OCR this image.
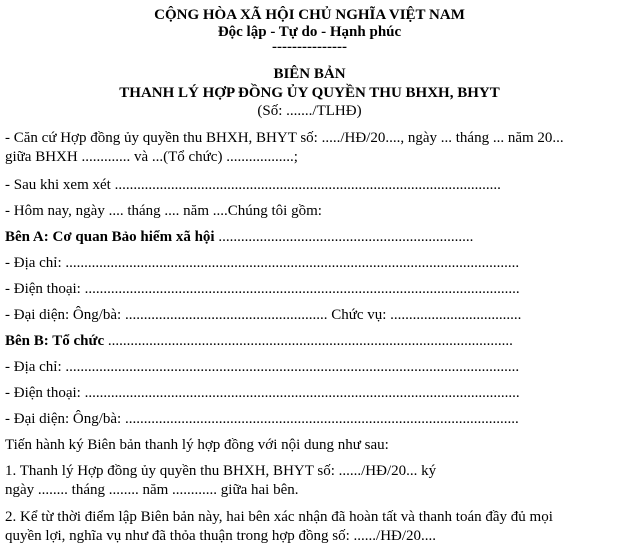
CỘNG HÒA XÃ HỘI CHỦ NGHĨA VIỆT NAM
Độc lập - Tự do - Hạnh phúc
---------------
BIÊN BẢN
THANH LÝ HỢP ĐỒNG ỦY QUYỀN THU BHXH, BHYT
(Số: ......./TLHĐ)
- Căn cứ Hợp đồng ủy quyền thu BHXH, BHYT số: ...../HĐ/20...., ngày ... tháng ... năm 20...
giữa BHXH ............. và ...(Tổ chức) ..................;
- Sau khi xem xét .......................................................................................................
- Hôm nay, ngày .... tháng .... năm ....Chúng tôi gồm:
Bên A: Cơ quan Bảo hiểm xã hội ....................................................................
- Địa chỉ: .........................................................................................................................
- Điện thoại: ....................................................................................................................
- Đại diện: Ông/bà: ...................................................... Chức vụ: ...................................
Bên B: Tổ chức ............................................................................................................
- Địa chỉ: .........................................................................................................................
- Điện thoại: ....................................................................................................................
- Đại diện: Ông/bà: .........................................................................................................
Tiến hành ký Biên bản thanh lý hợp đồng với nội dung như sau:
1. Thanh lý Hợp đồng ủy quyền thu BHXH, BHYT số: ....../HĐ/20... ký
ngày ........ tháng ........ năm ............ giữa hai bên.
2. Kể từ thời điểm lập Biên bản này, hai bên xác nhận đã hoàn tất và thanh toán đầy đủ mọi
quyền lợi, nghĩa vụ như đã thỏa thuận trong hợp đồng số: ....../HĐ/20....
